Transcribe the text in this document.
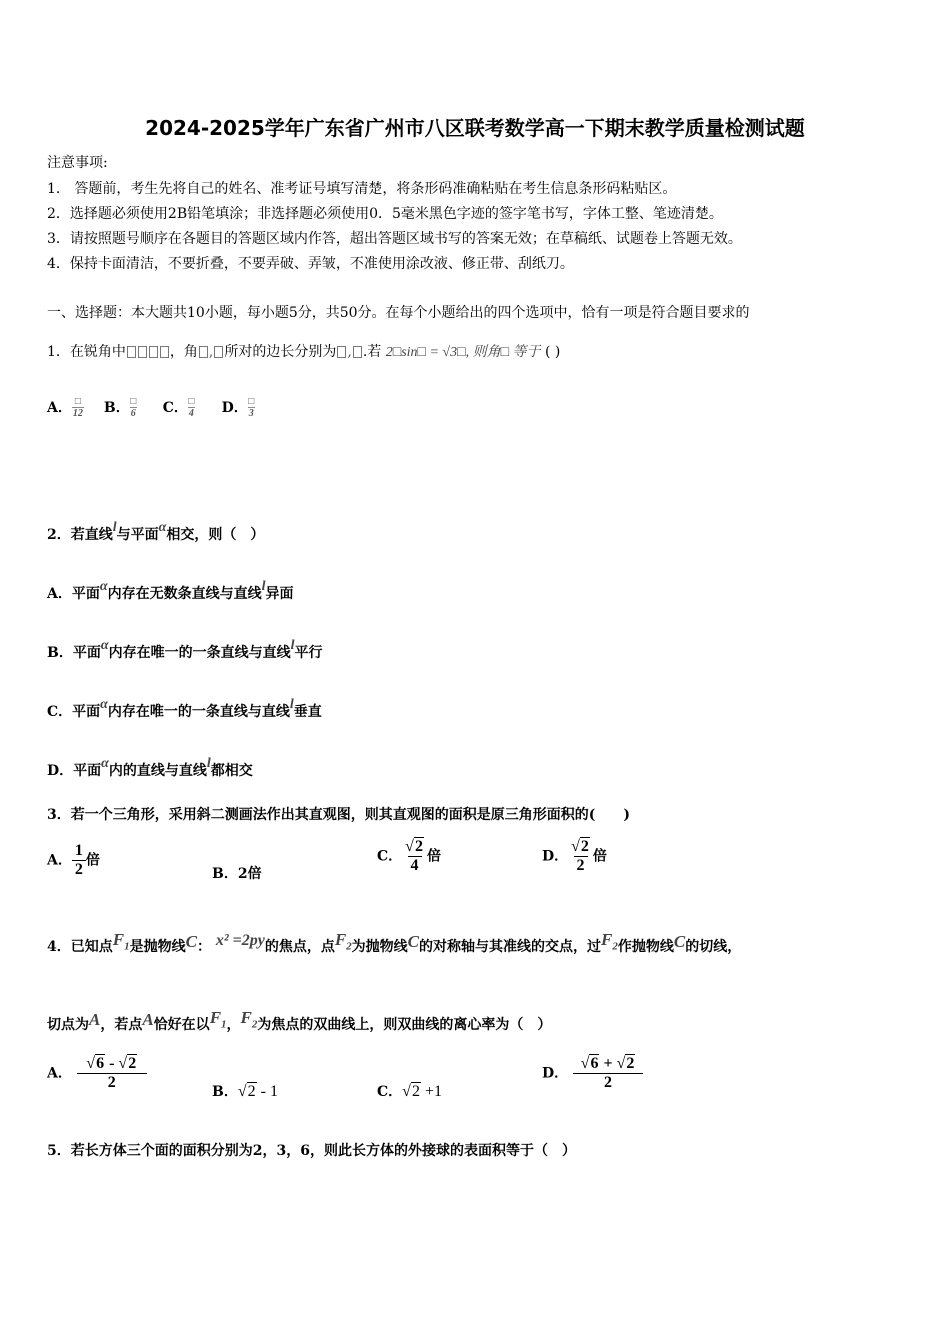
2024-2025学年广东省广州市八区联考数学高一下期末教学质量检测试题
注意事项:
1.　答题前，考生先将自己的姓名、准考证号填写清楚，将条形码准确粘贴在考生信息条形码粘贴区。
2．选择题必须使用2B铅笔填涂；非选择题必须使用0．5毫米黑色字迹的签字笔书写，字体工整、笔迹清楚。
3．请按照题号顺序在各题目的答题区域内作答，超出答题区域书写的答案无效；在草稿纸、试题卷上答题无效。
4．保持卡面清洁，不要折叠，不要弄破、弄皱，不准使用涂改液、修正带、刮纸刀。
一、选择题：本大题共10小题，每小题5分，共50分。在每个小题给出的四个选项中，恰有一项是符合题目要求的
1．在锐角中	，角 , 所对的边长分别为 , .若 2□sin□ = √3□, 则角□ 等于 ( )
A． □
12 B． □
6 C． □
4 D． □
3
2．若直线l与平面α相交，则（　）
A．平面α内存在无数条直线与直线l异面
B．平面α内存在唯一的一条直线与直线l平行
C．平面α内存在唯一的一条直线与直线l垂直
D．平面α内的直线与直线l都相交
3．若一个三角形，采用斜二测画法作出其直观图，则其直观图的面积是原三角形面积的(　　)
A． $\frac{1}{2}$ 倍
B．2倍
C． $\frac{√2}{4}$ 倍	D． $\frac{√2}{2}$ 倍
4．已知点$F_1$是抛物线C： x² =2py的焦点，点$F_2$为抛物线C的对称轴与其准线的交点，过$F_2$作抛物线C的切线，
切点为A，若点A恰好在以$F_1$，$F_2$为焦点的双曲线上，则双曲线的离心率为（　）
A． $\frac{√6 - √2}{2}$	B．√2 - 1	C．√2 +1
D． $\frac{√6 + √2}{2}$
5．若长方体三个面的面积分别为2，3，6，则此长方体的外接球的表面积等于（　）
